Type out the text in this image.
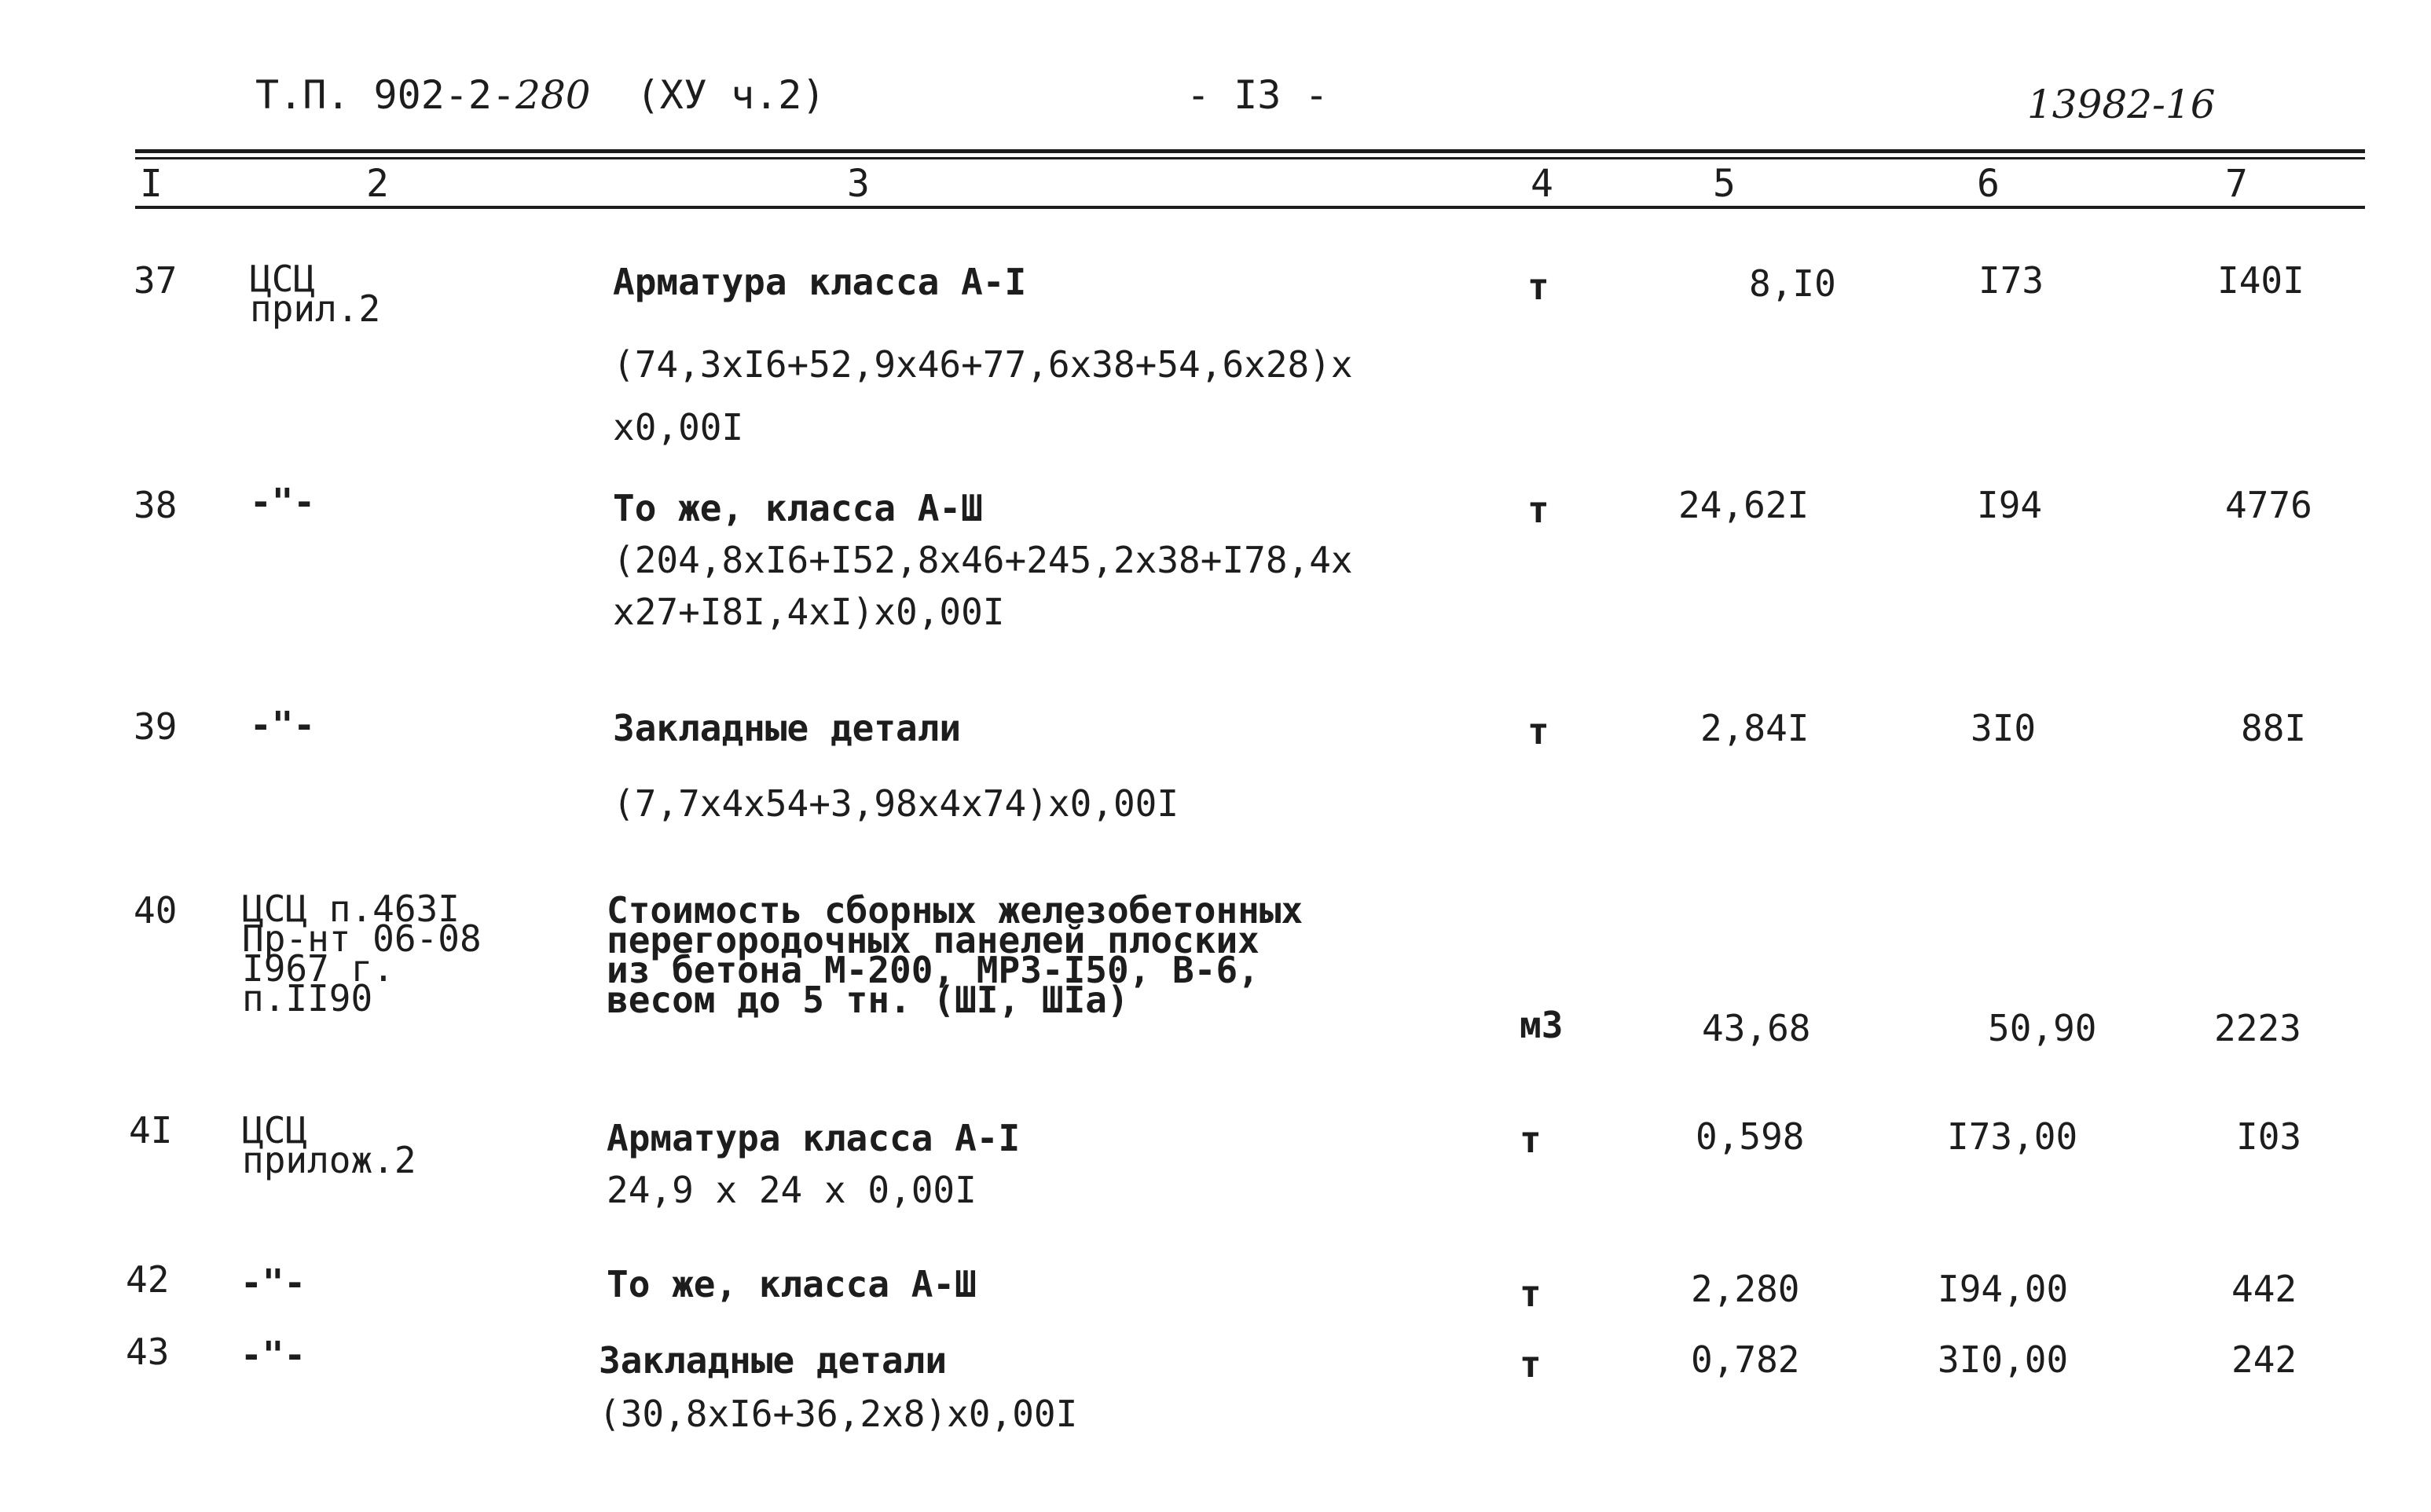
Т.П. 902-2-280 (ХУ ч.2)	- I3 -	13982-16
I	2	3	4	5	6	7
37 ЦСЦ
прил.2
Арматура класса А-I
(74,3xI6+52,9x46+77,6x38+54,6x28)x
x0,00I
т	8,I0	I73	I40I
38 -"-	То же, класса А-Ш
(204,8xI6+I52,8x46+245,2x38+I78,4x
x27+I8I,4xI)x0,00I
т	24,62I	I94	4776
39 -"-	Закладные детали
(7,7x4x54+3,98x4x74)x0,00I
т	2,84I	3I0	88I
40 ЦСЦ п.463I
Пр-нт 06-08
I967 г.
п.II90
Стоимость сборных железобетонных
перегородочных панелей плоских
из бетона М-200, МРЗ-I50, В-6,
весом до 5 тн. (ШI, ШIа)
м3	43,68	50,90	2223
4I ЦСЦ
прилож.2
Арматура класса А-I
24,9 х 24 х 0,00I
т	0,598	I73,00	I03
42 -"-	То же, класса А-Ш	т	2,280	I94,00	442
43 -"-	Закладные детали
(30,8xI6+36,2x8)x0,00I
т	0,782	3I0,00	242
